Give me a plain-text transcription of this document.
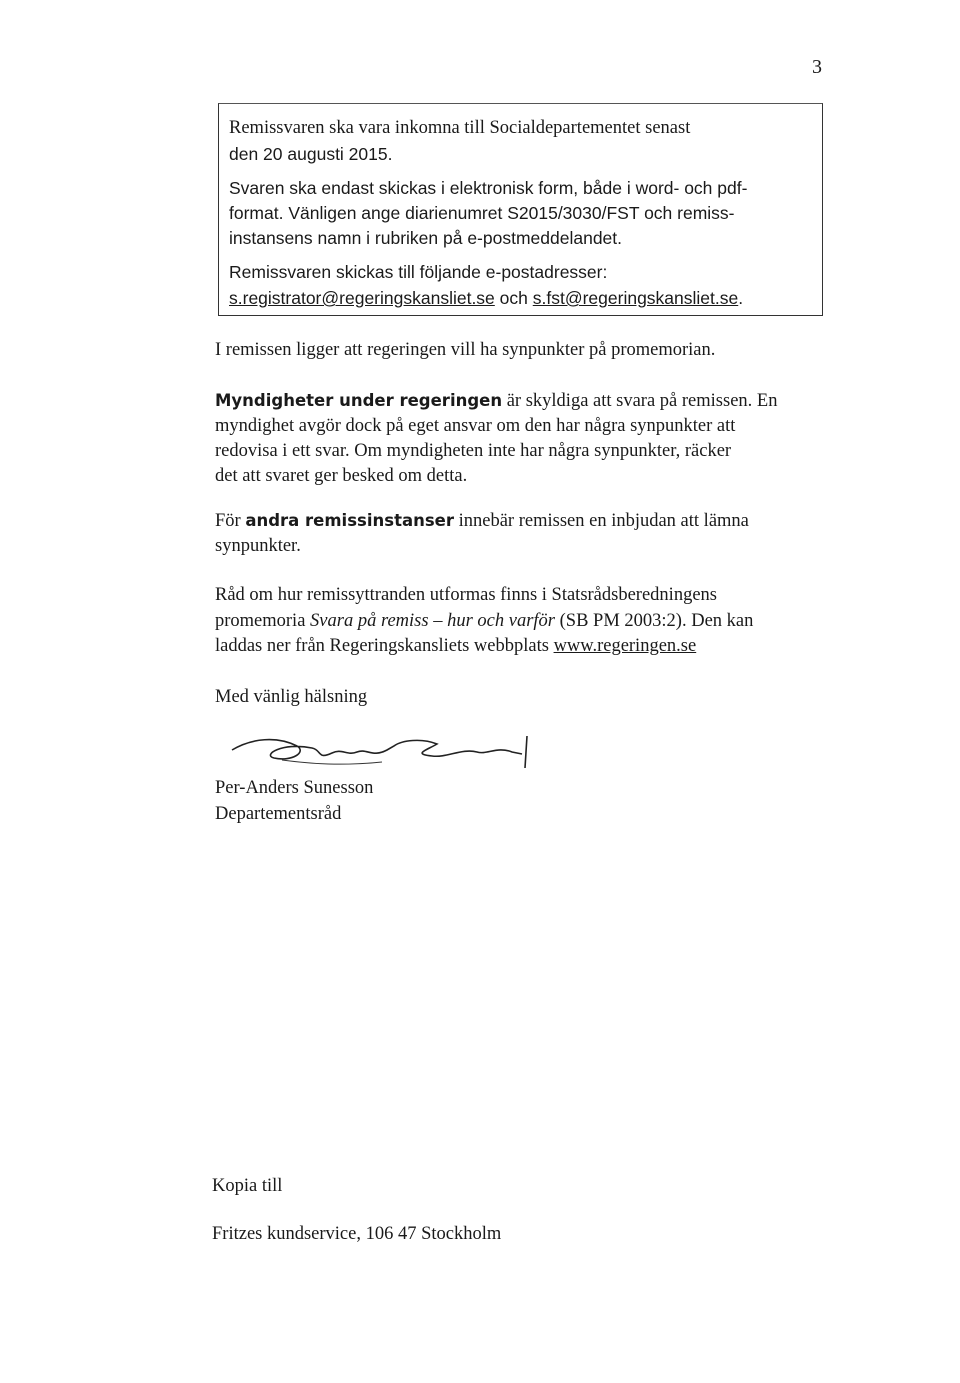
3
Remissvaren ska vara inkomna till Socialdepartementet senast
den 20 augusti 2015.
Svaren ska endast skickas i elektronisk form, både i word- och pdf-
format. Vänligen ange diarienumret S2015/3030/FST och remiss-
instansens namn i rubriken på e-postmeddelandet.
Remissvaren skickas till följande e-postadresser:
s.registrator@regeringskansliet.se och s.fst@regeringskansliet.se.
I remissen ligger att regeringen vill ha synpunkter på promemorian.
Myndigheter under regeringen är skyldiga att svara på remissen. En
myndighet avgör dock på eget ansvar om den har några synpunkter att
redovisa i ett svar. Om myndigheten inte har några synpunkter, räcker
det att svaret ger besked om detta.
För andra remissinstanser innebär remissen en inbjudan att lämna
synpunkter.
Råd om hur remissyttranden utformas finns i Statsrådsberedningens
promemoria Svara på remiss – hur och varför (SB PM 2003:2). Den kan
laddas ner från Regeringskansliets webbplats www.regeringen.se
Med vänlig hälsning
Per-Anders Sunesson
Departementsråd
Kopia till
Fritzes kundservice, 106 47 Stockholm
